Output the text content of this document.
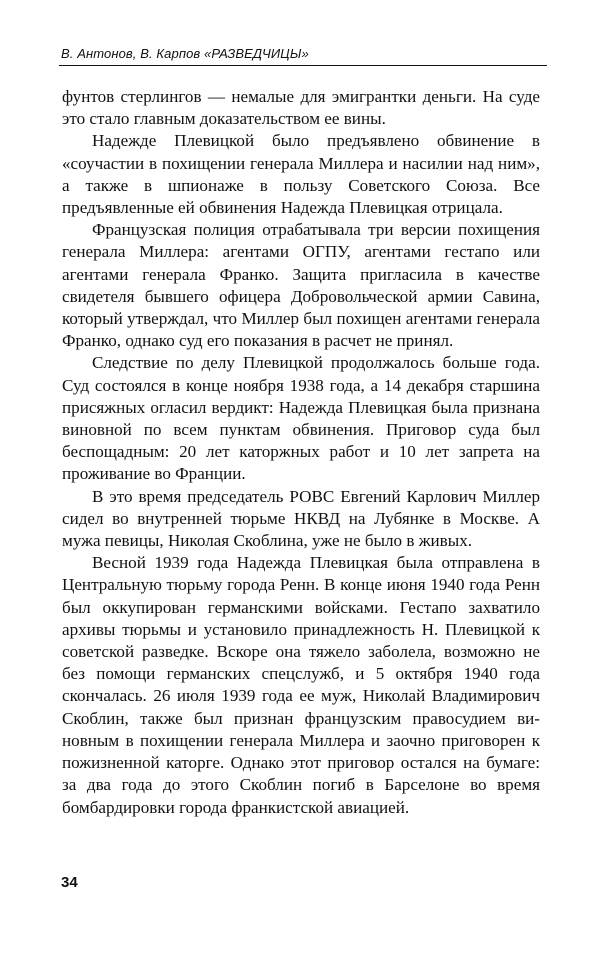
В. Антонов, В. Карпов «РАЗВЕДЧИЦЫ»

фунтов стерлингов — немалые для эмигрантки деньги. На суде это стало главным доказательством ее вины.

Надежде Плевицкой было предъявлено обвинение в «соучастии в похищении генерала Миллера и насилии над ним», а также в шпионаже в пользу Советского Союза. Все предъявленные ей обвинения Надежда Плевицкая отрицала.

Французская полиция отрабатывала три версии похищения генерала Миллера: агентами ОГПУ, агентами гестапо или агентами генерала Франко. Защита пригласила в качестве свидетеля бывшего офицера Добровольческой армии Савина, который утверждал, что Миллер был похищен агентами генерала Франко, однако суд его показания в расчет не принял.

Следствие по делу Плевицкой продолжалось больше года. Суд состоялся в конце ноября 1938 года, а 14 декабря старшина присяжных огласил вердикт: Надежда Плевицкая была признана виновной по всем пунктам обвинения. Приговор суда был беспощадным: 20 лет каторжных работ и 10 лет запрета на проживание во Франции.

В это время председатель РОВС Евгений Карлович Миллер сидел во внутренней тюрьме НКВД на Лубянке в Москве. А мужа певицы, Николая Скоблина, уже не было в живых.

Весной 1939 года Надежда Плевицкая была отправлена в Центральную тюрьму города Ренн. В конце июня 1940 года Ренн был оккупирован германскими войсками. Гестапо захватило архивы тюрьмы и установило принадлежность Н. Плевицкой к советской разведке. Вскоре она тяжело заболела, возможно не без помощи германских спецслужб, и 5 октября 1940 года скончалась. 26 июля 1939 года ее муж, Николай Владимирович Скоблин, также был признан французским правосудием виновным в похищении генерала Миллера и заочно приговорен к пожизненной каторге. Однако этот приговор остался на бумаге: за два года до этого Скоблин погиб в Барселоне во время бомбардировки города франкистской авиацией.

34
